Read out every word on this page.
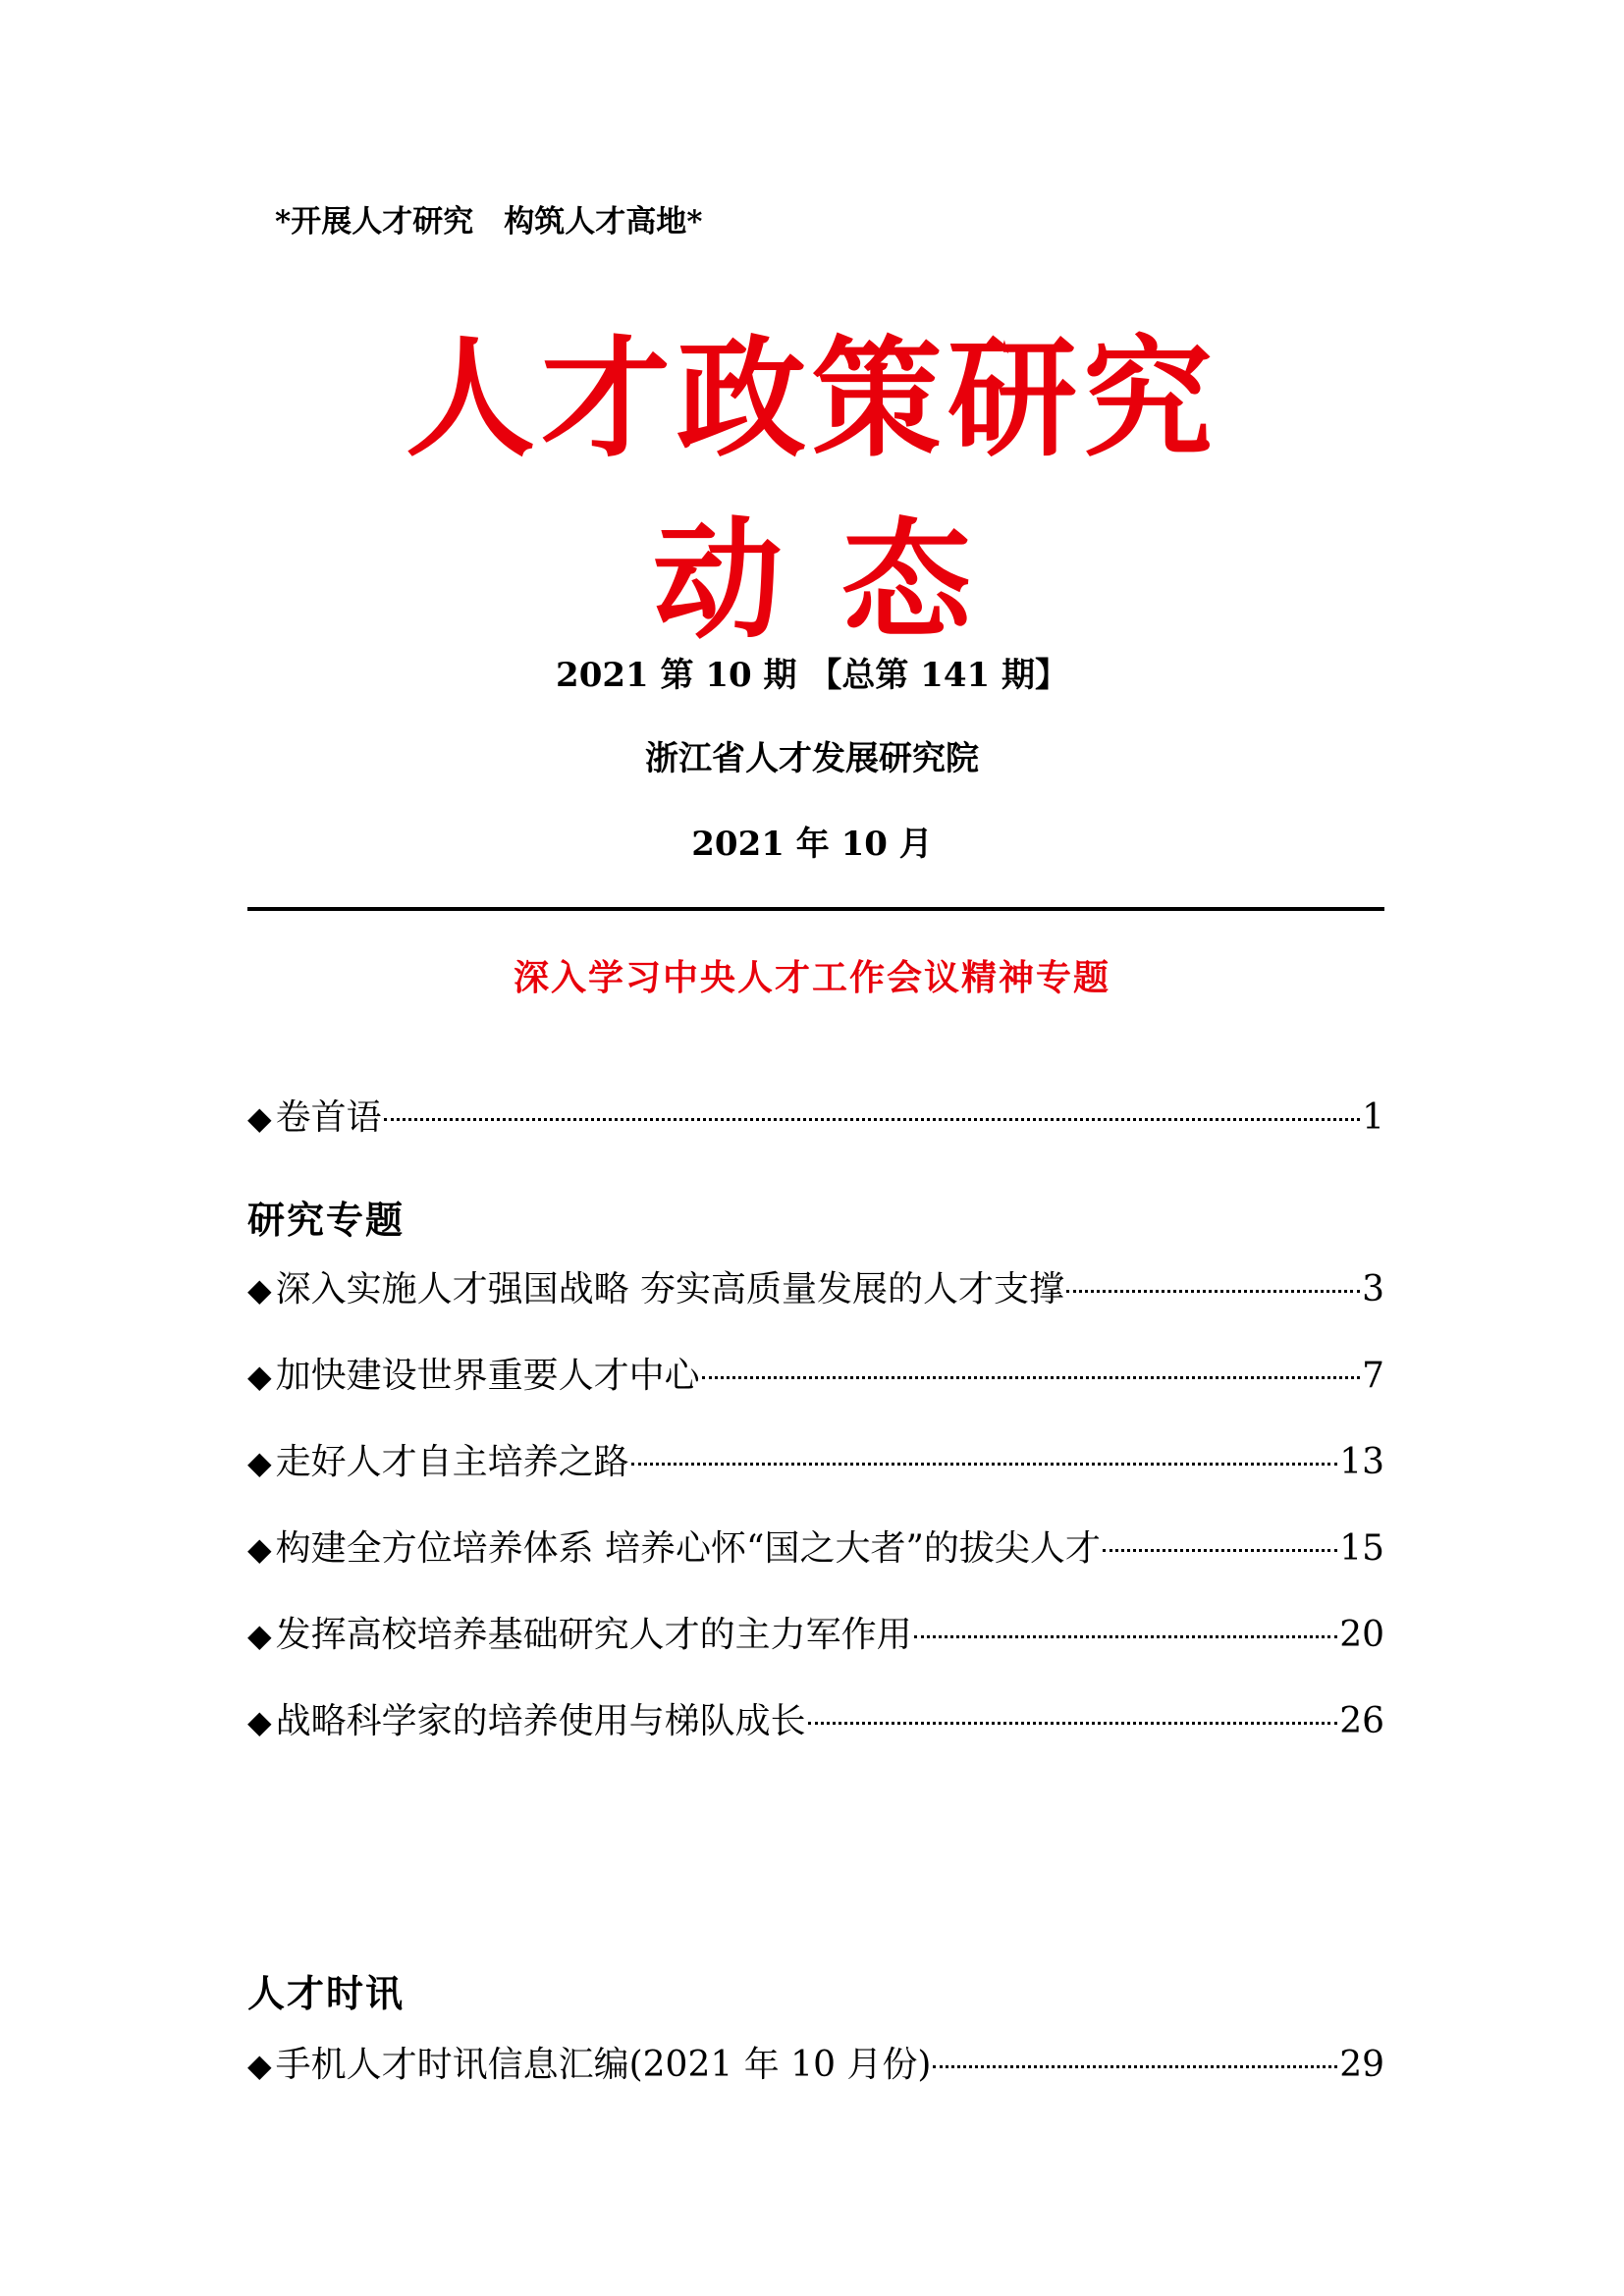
*开展人才研究　构筑人才高地*
人才政策研究
动态
2021 第 10 期 【总第 141 期】
浙江省人才发展研究院
2021 年 10 月
深入学习中央人才工作会议精神专题
◆ 卷首语	1
研究专题
◆ 深入实施人才强国战略 夯实高质量发展的人才支撑	3
◆ 加快建设世界重要人才中心	7
◆ 走好人才自主培养之路	13
◆ 构建全方位培养体系 培养心怀“国之大者”的拔尖人才	15
◆ 发挥高校培养基础研究人才的主力军作用	20
◆ 战略科学家的培养使用与梯队成长	26
人才时讯
◆ 手机人才时讯信息汇编(2021 年 10 月份)	29
